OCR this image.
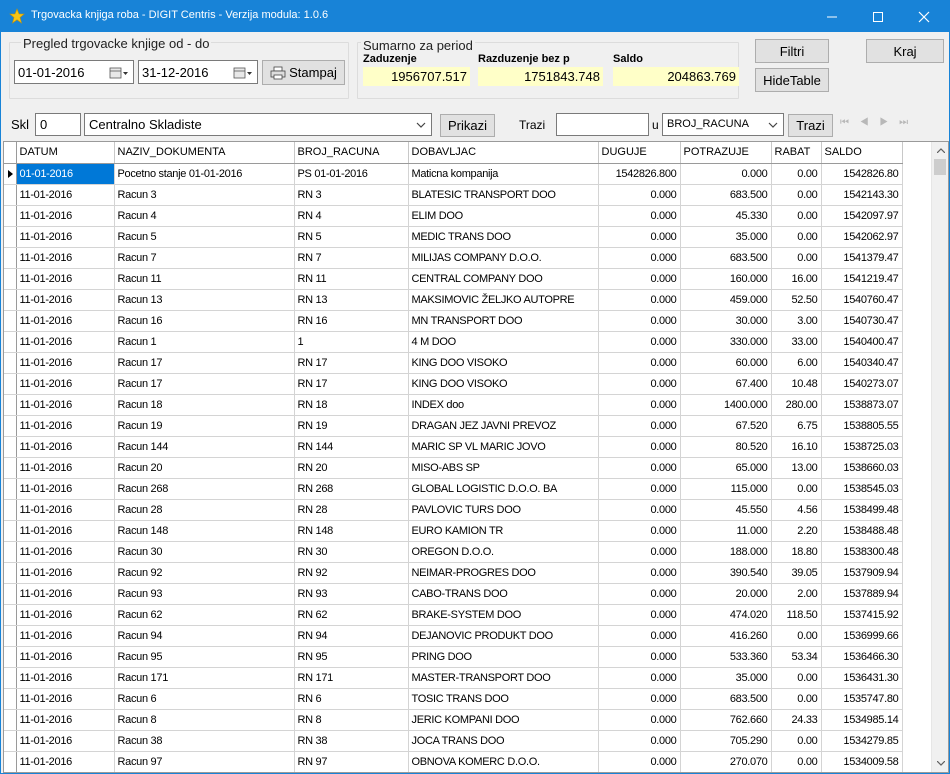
Trgovacka knjiga roba - DIGIT Centris - Verzija modula: 1.0.6
Pregled trgovacke knjige od - do
01-01-2016	31-12-2016	Stampaj
Sumarno za period
Zaduzenje
1956707.517
Razduzenje bez p
1751843.748
Saldo
204863.769
Filtri	Kraj
HideTable
Skl 0	Centralno Skladiste	Prikazi	Trazi	u BROJ_RACUNA	Trazi	⏮ ◀ ▶ ⏭
	DATUM	NAZIV_DOKUMENTA	BROJ_RACUNA	DOBAVLJAC	DUGUJE	POTRAZUJE	RABAT	SALDO

	01-01-2016	Pocetno stanje 01-01-2016	PS 01-01-2016	Maticna kompanija	1542826.800	0.000	0.00	1542826.80
	11-01-2016	Racun 3	RN 3	BLATESIC TRANSPORT DOO	0.000	683.500	0.00	1542143.30
	11-01-2016	Racun 4	RN 4	ELIM DOO	0.000	45.330	0.00	1542097.97
	11-01-2016	Racun 5	RN 5	MEDIC TRANS DOO	0.000	35.000	0.00	1542062.97
	11-01-2016	Racun 7	RN 7	MILIJAS COMPANY D.O.O.	0.000	683.500	0.00	1541379.47
	11-01-2016	Racun 11	RN 11	CENTRAL COMPANY DOO	0.000	160.000	16.00	1541219.47
	11-01-2016	Racun 13	RN 13	MAKSIMOVIC ŽELJKO AUTOPRE	0.000	459.000	52.50	1540760.47
	11-01-2016	Racun 16	RN 16	MN TRANSPORT DOO	0.000	30.000	3.00	1540730.47
	11-01-2016	Racun 1	1	4 M DOO	0.000	330.000	33.00	1540400.47
	11-01-2016	Racun 17	RN 17	KING DOO VISOKO	0.000	60.000	6.00	1540340.47
	11-01-2016	Racun 17	RN 17	KING DOO VISOKO	0.000	67.400	10.48	1540273.07
	11-01-2016	Racun 18	RN 18	INDEX doo	0.000	1400.000	280.00	1538873.07
	11-01-2016	Racun 19	RN 19	DRAGAN JEZ JAVNI PREVOZ	0.000	67.520	6.75	1538805.55
	11-01-2016	Racun 144	RN 144	MARIC SP VL MARIC JOVO	0.000	80.520	16.10	1538725.03
	11-01-2016	Racun 20	RN 20	MISO-ABS SP	0.000	65.000	13.00	1538660.03
	11-01-2016	Racun 268	RN 268	GLOBAL LOGISTIC D.O.O. BA	0.000	115.000	0.00	1538545.03
	11-01-2016	Racun 28	RN 28	PAVLOVIC TURS DOO	0.000	45.550	4.56	1538499.48
	11-01-2016	Racun 148	RN 148	EURO KAMION TR	0.000	11.000	2.20	1538488.48
	11-01-2016	Racun 30	RN 30	OREGON D.O.O.	0.000	188.000	18.80	1538300.48
	11-01-2016	Racun 92	RN 92	NEIMAR-PROGRES DOO	0.000	390.540	39.05	1537909.94
	11-01-2016	Racun 93	RN 93	CABO-TRANS DOO	0.000	20.000	2.00	1537889.94
	11-01-2016	Racun 62	RN 62	BRAKE-SYSTEM DOO	0.000	474.020	118.50	1537415.92
	11-01-2016	Racun 94	RN 94	DEJANOVIC PRODUKT DOO	0.000	416.260	0.00	1536999.66
	11-01-2016	Racun 95	RN 95	PRING DOO	0.000	533.360	53.34	1536466.30
	11-01-2016	Racun 171	RN 171	MASTER-TRANSPORT DOO	0.000	35.000	0.00	1536431.30
	11-01-2016	Racun 6	RN 6	TOSIC TRANS DOO	0.000	683.500	0.00	1535747.80
	11-01-2016	Racun 8	RN 8	JERIC KOMPANI DOO	0.000	762.660	24.33	1534985.14
	11-01-2016	Racun 38	RN 38	JOCA TRANS DOO	0.000	705.290	0.00	1534279.85
	11-01-2016	Racun 97	RN 97	OBNOVA KOMERC D.O.O.	0.000	270.070	0.00	1534009.58
